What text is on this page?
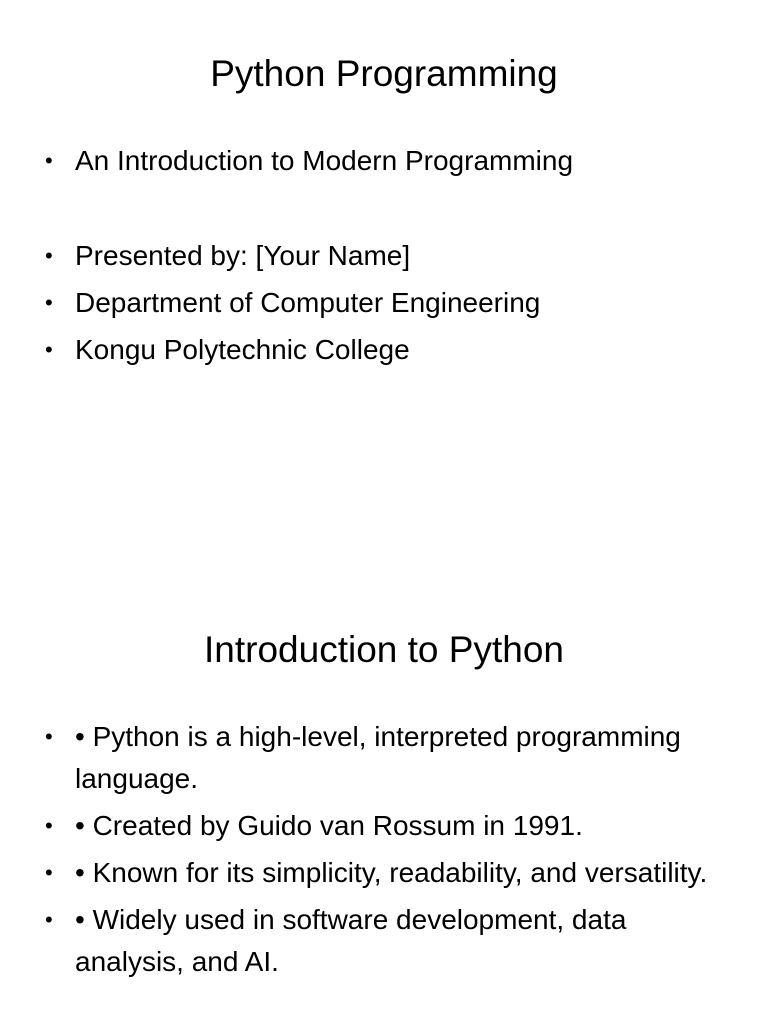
Python Programming
• An Introduction to Modern Programming
• Presented by: [Your Name]
• Department of Computer Engineering
• Kongu Polytechnic College
Introduction to Python
• • Python is a high-level, interpreted programming language.
• • Created by Guido van Rossum in 1991.
• • Known for its simplicity, readability, and versatility.
• • Widely used in software development, data analysis, and AI.
